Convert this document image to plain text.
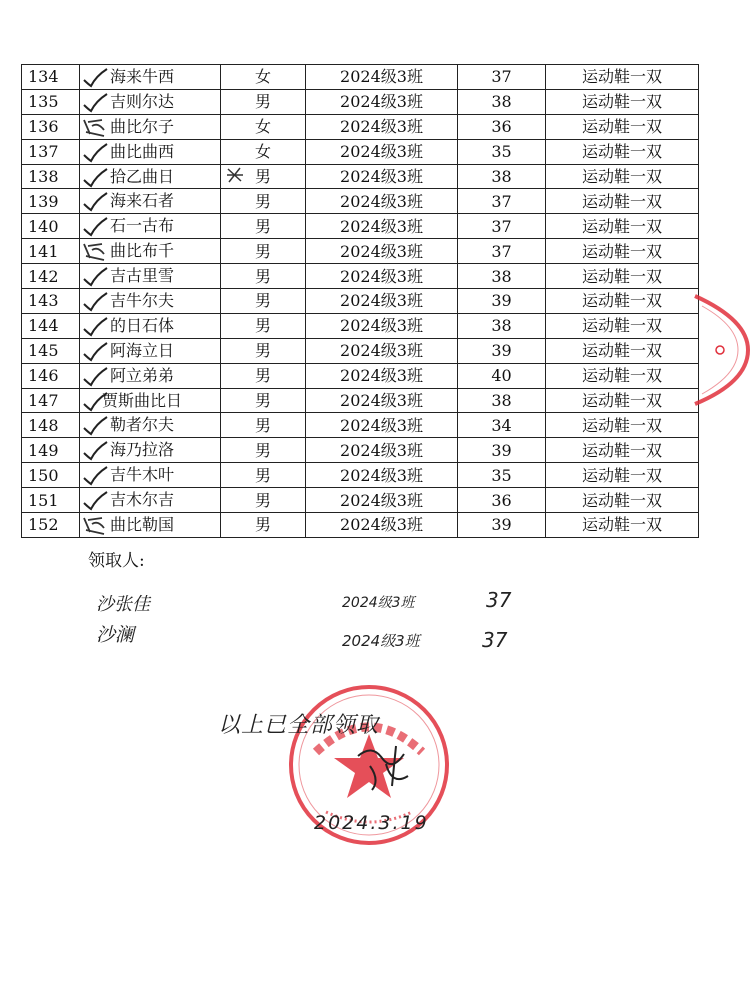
134	海来牛西	女	2024级3班	37	运动鞋一双
135	吉则尔达	男	2024级3班	38	运动鞋一双
136	曲比尔子	女	2024级3班	36	运动鞋一双
137	曲比曲西	女	2024级3班	35	运动鞋一双
138	拾乙曲日	男	2024级3班	38	运动鞋一双
139	海来石者	男	2024级3班	37	运动鞋一双
140	石一古布	男	2024级3班	37	运动鞋一双
141	曲比布千	男	2024级3班	37	运动鞋一双
142	吉古里雪	男	2024级3班	38	运动鞋一双
143	吉牛尔夫	男	2024级3班	39	运动鞋一双
144	的日石体	男	2024级3班	38	运动鞋一双
145	阿海立日	男	2024级3班	39	运动鞋一双
146	阿立弟弟	男	2024级3班	40	运动鞋一双
147	贾斯曲比日	男	2024级3班	38	运动鞋一双
148	勒者尔夫	男	2024级3班	34	运动鞋一双
149	海乃拉洛	男	2024级3班	39	运动鞋一双
150	吉牛木叶	男	2024级3班	35	运动鞋一双
151	吉木尔吉	男	2024级3班	36	运动鞋一双
152	曲比勒国	男	2024级3班	39	运动鞋一双
领取人:
沙张佳	2024级3班	37
沙澜	2024级3班	37
以上已全部领取
2024.3.19
